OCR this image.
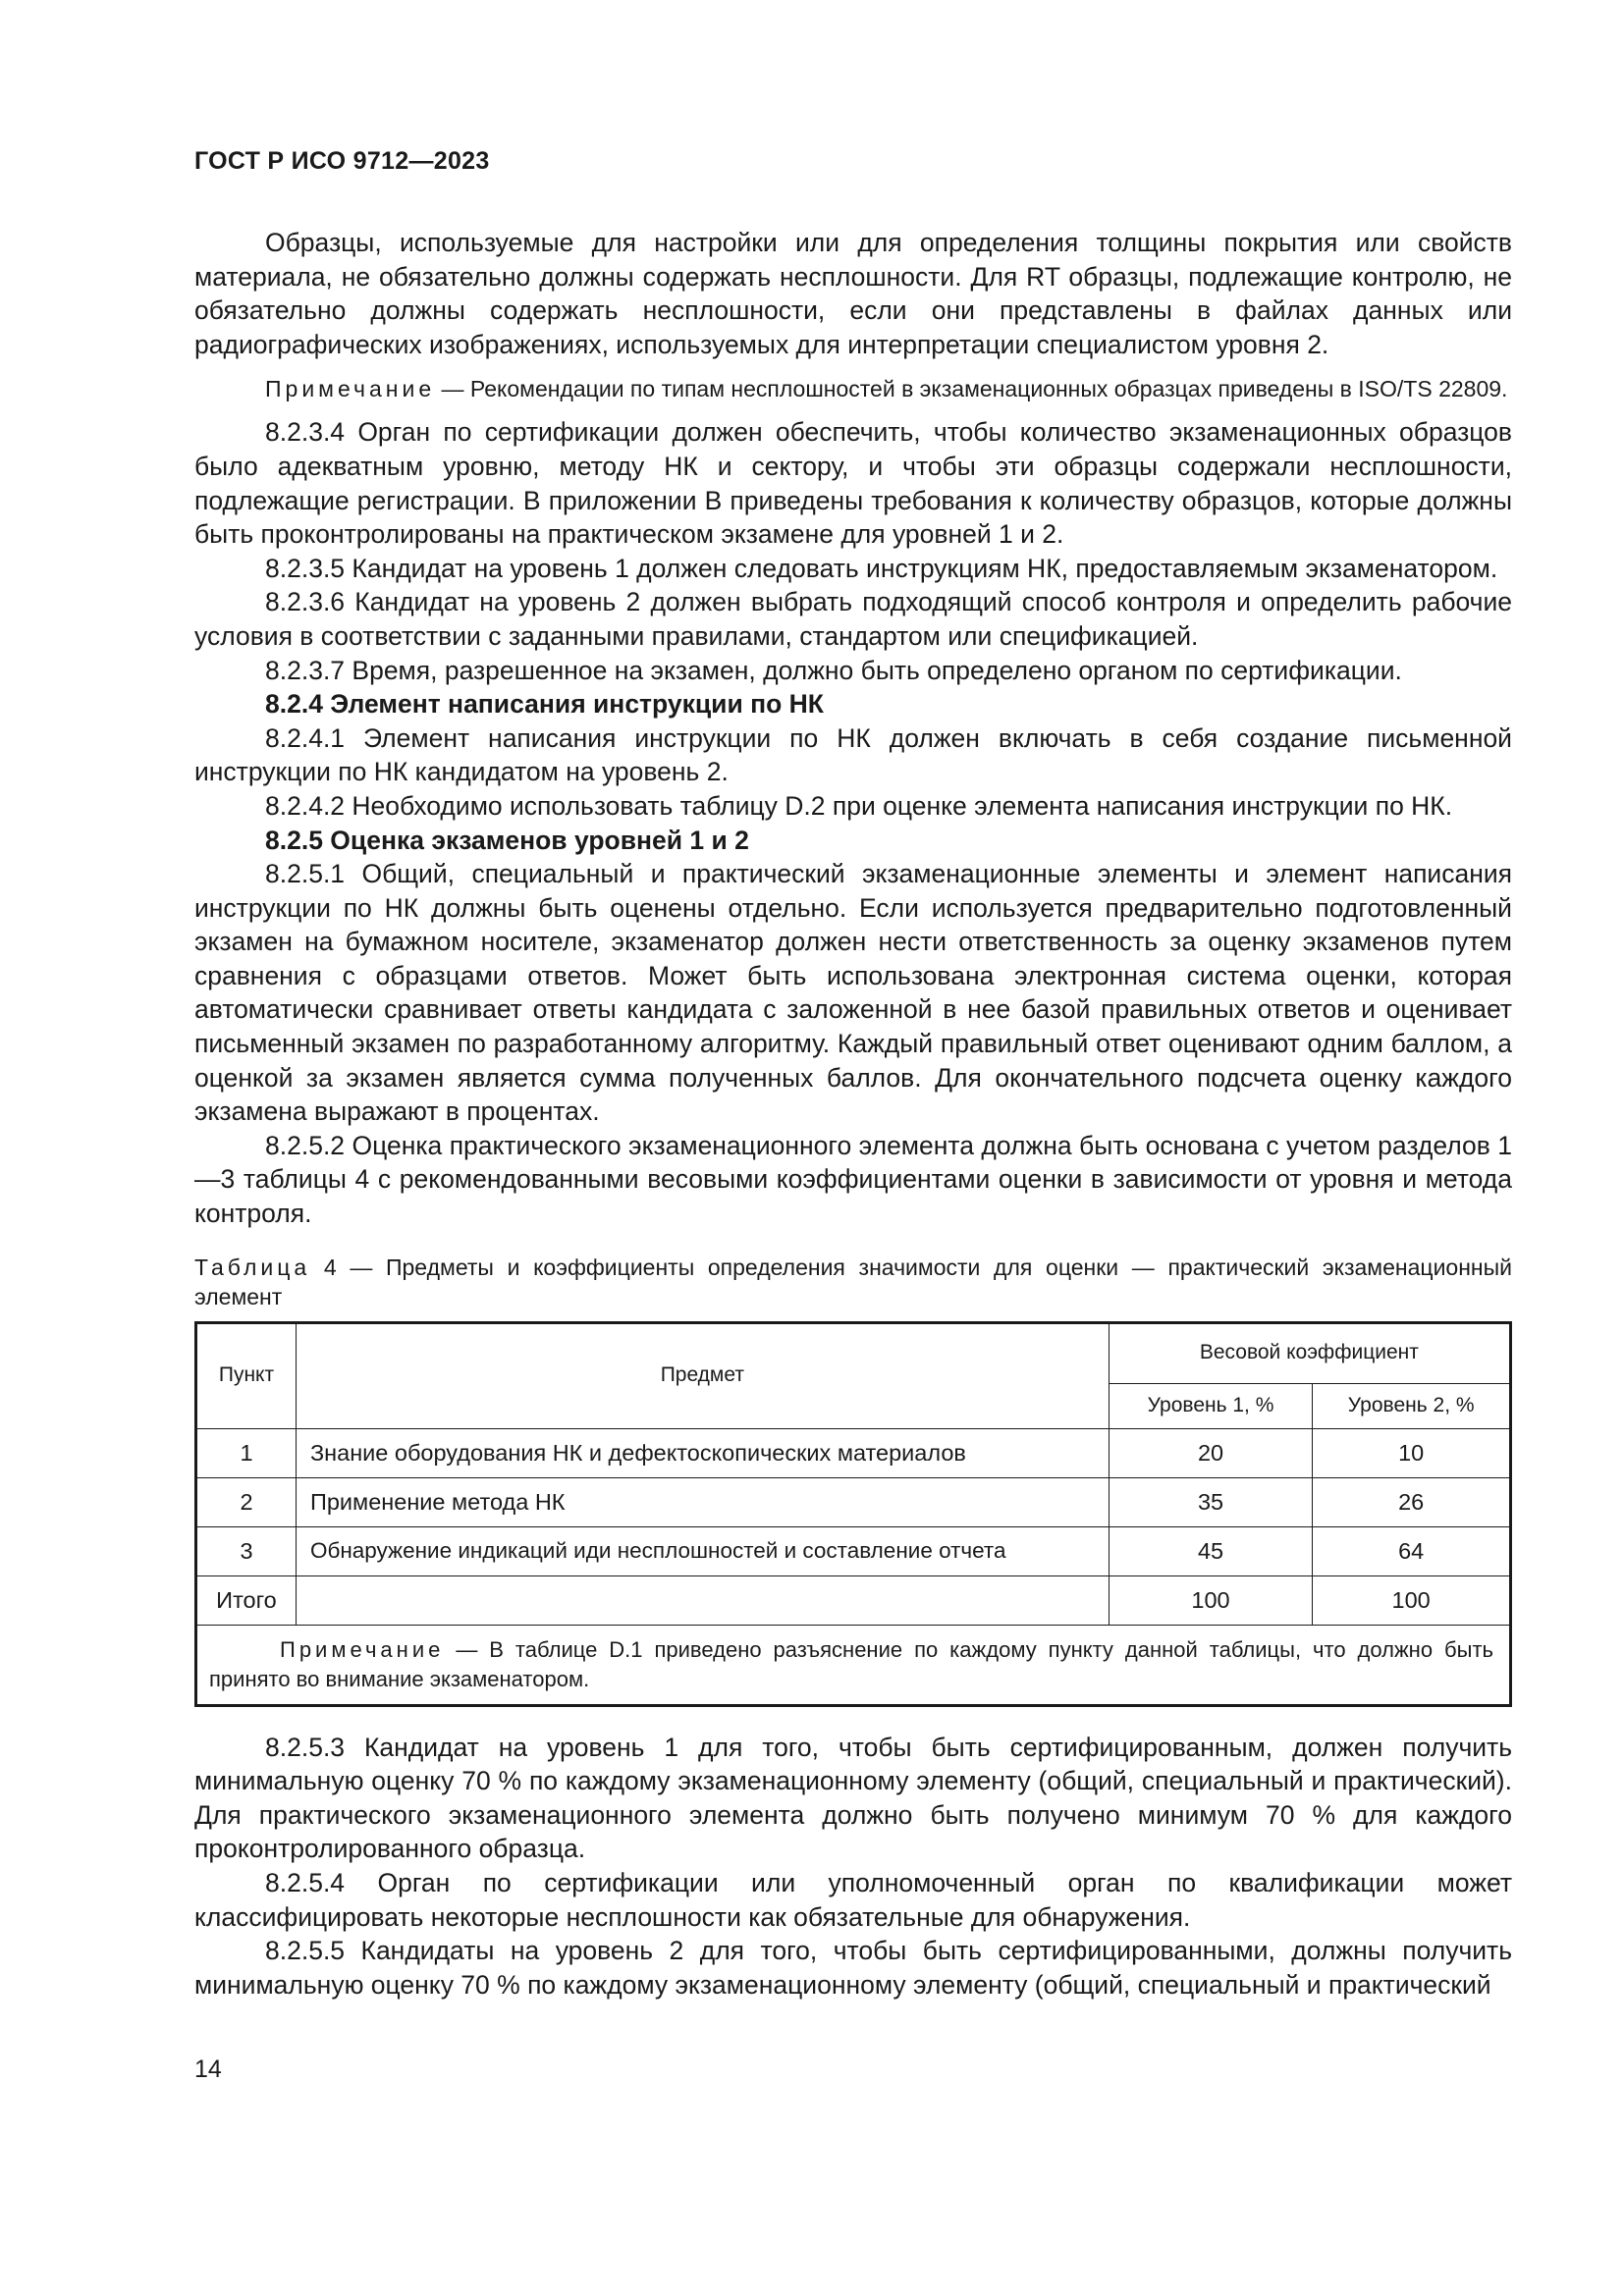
ГОСТ Р ИСО 9712—2023

Образцы, используемые для настройки или для определения толщины покрытия или свойств материала, не обязательно должны содержать несплошности. Для RT образцы, подлежащие контролю, не обязательно должны содержать несплошности, если они представлены в файлах данных или радиографических изображениях, используемых для интерпретации специалистом уровня 2.

Примечание — Рекомендации по типам несплошностей в экзаменационных образцах приведены в ISO/TS 22809.

8.2.3.4 Орган по сертификации должен обеспечить, чтобы количество экзаменационных образцов было адекватным уровню, методу НК и сектору, и чтобы эти образцы содержали несплошности, подлежащие регистрации. В приложении В приведены требования к количеству образцов, которые должны быть проконтролированы на практическом экзамене для уровней 1 и 2.

8.2.3.5 Кандидат на уровень 1 должен следовать инструкциям НК, предоставляемым экзаменатором.

8.2.3.6 Кандидат на уровень 2 должен выбрать подходящий способ контроля и определить рабочие условия в соответствии с заданными правилами, стандартом или спецификацией.

8.2.3.7 Время, разрешенное на экзамен, должно быть определено органом по сертификации.

8.2.4 Элемент написания инструкции по НК

8.2.4.1 Элемент написания инструкции по НК должен включать в себя создание письменной инструкции по НК кандидатом на уровень 2.

8.2.4.2 Необходимо использовать таблицу D.2 при оценке элемента написания инструкции по НК.

8.2.5 Оценка экзаменов уровней 1 и 2

8.2.5.1 Общий, специальный и практический экзаменационные элементы и элемент написания инструкции по НК должны быть оценены отдельно. Если используется предварительно подготовленный экзамен на бумажном носителе, экзаменатор должен нести ответственность за оценку экзаменов путем сравнения с образцами ответов. Может быть использована электронная система оценки, которая автоматически сравнивает ответы кандидата с заложенной в нее базой правильных ответов и оценивает письменный экзамен по разработанному алгоритму. Каждый правильный ответ оценивают одним баллом, а оценкой за экзамен является сумма полученных баллов. Для окончательного подсчета оценку каждого экзамена выражают в процентах.

8.2.5.2 Оценка практического экзаменационного элемента должна быть основана с учетом разделов 1—3 таблицы 4 с рекомендованными весовыми коэффициентами оценки в зависимости от уровня и метода контроля.

Таблица 4 — Предметы и коэффициенты определения значимости для оценки — практический экзаменационный элемент

Пункт	Предмет	Весовой коэффициент	
		Уровень 1, %	Уровень 2, %
1	Знание оборудования НК и дефектоскопических материалов	20	10
2	Применение метода НК	35	26
3	Обнаружение индикаций иди несплошностей и составление отчета	45	64
Итого		100	100
Примечание — В таблице D.1 приведено разъяснение по каждому пункту данной таблицы, что должно быть принято во внимание экзаменатором.			

8.2.5.3 Кандидат на уровень 1 для того, чтобы быть сертифицированным, должен получить минимальную оценку 70 % по каждому экзаменационному элементу (общий, специальный и практический). Для практического экзаменационного элемента должно быть получено минимум 70 % для каждого проконтролированного образца.

8.2.5.4 Орган по сертификации или уполномоченный орган по квалификации может классифицировать некоторые несплошности как обязательные для обнаружения.

8.2.5.5 Кандидаты на уровень 2 для того, чтобы быть сертифицированными, должны получить минимальную оценку 70 % по каждому экзаменационному элементу (общий, специальный и практический

14
